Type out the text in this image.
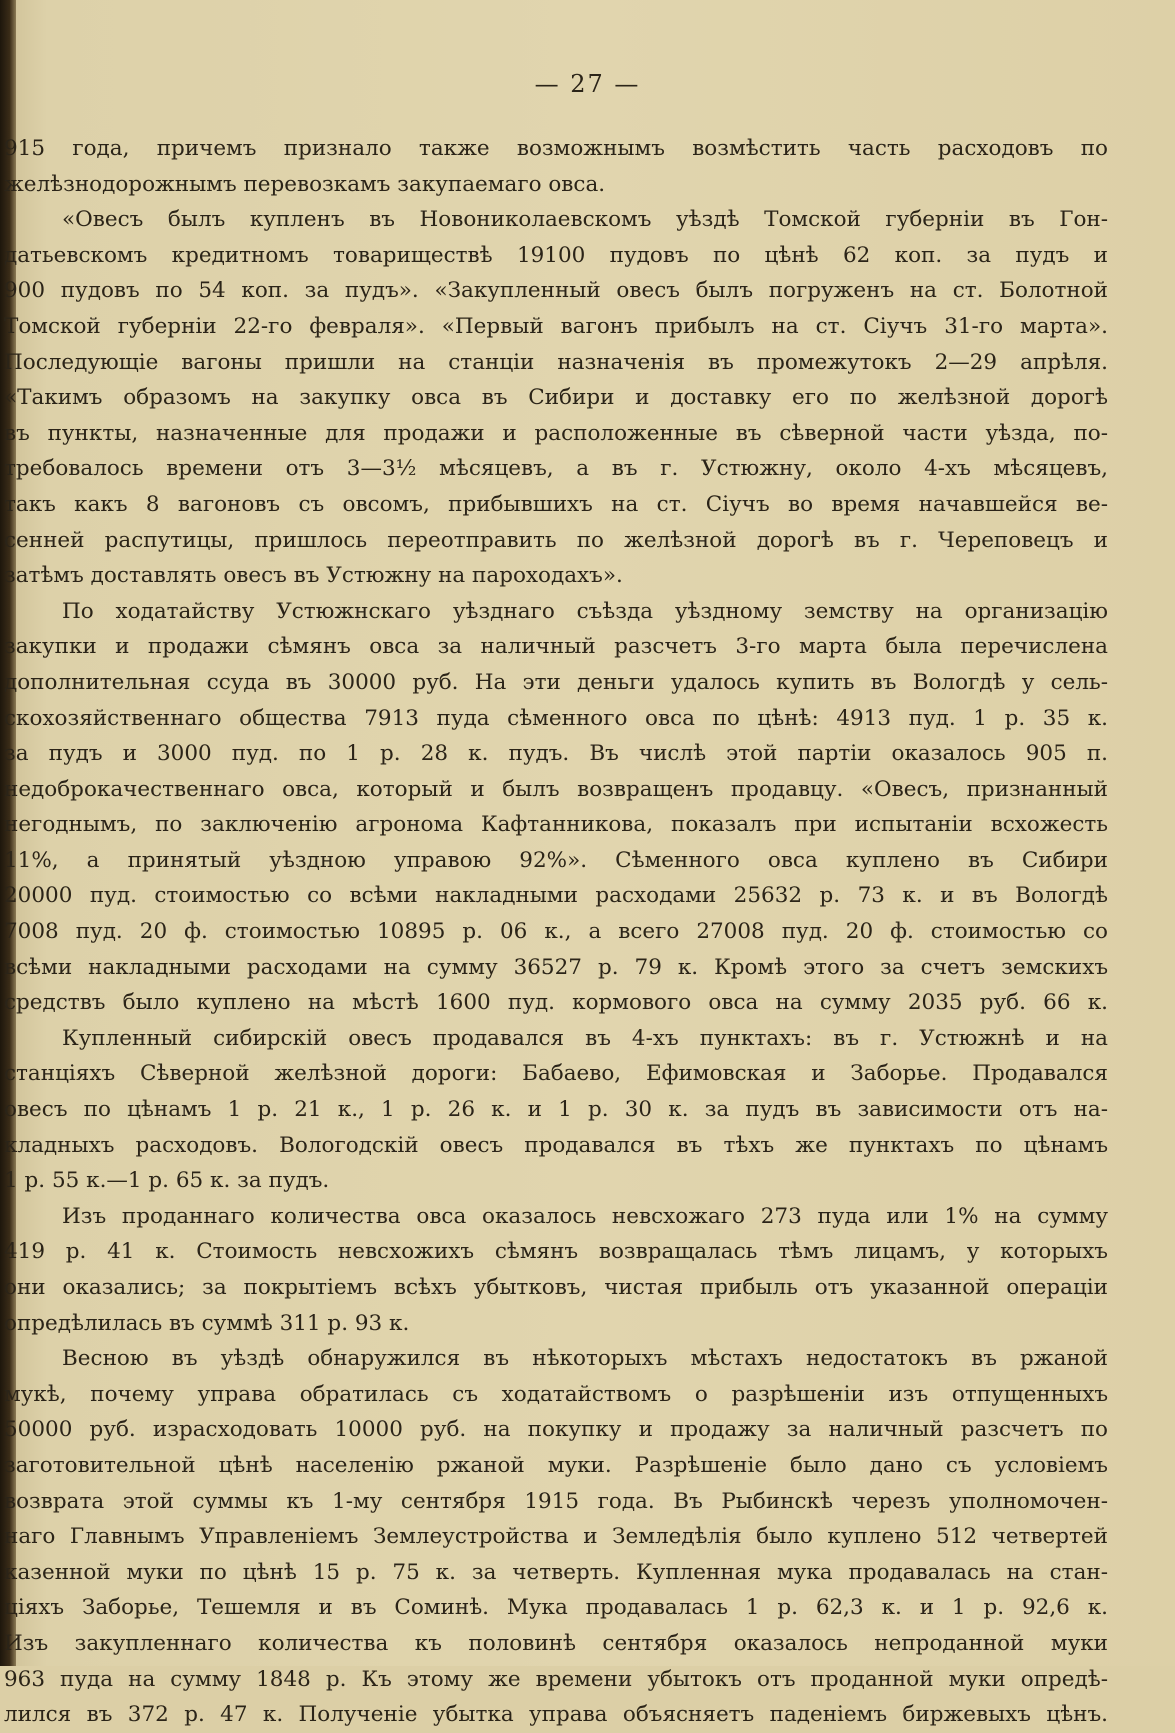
— 27 —
915 года, причемъ признало также возможнымъ возмѣстить часть расходовъ по
желѣзнодорожнымъ перевозкамъ закупаемаго овса.
«Овесъ былъ купленъ въ Новониколаевскомъ уѣздѣ Томской губерніи въ Гон-
датьевскомъ кредитномъ товариществѣ 19100 пудовъ по цѣнѣ 62 коп. за пудъ и
900 пудовъ по 54 коп. за пудъ». «Закупленный овесъ былъ погруженъ на ст. Болотной
Томской губерніи 22-го февраля». «Первый вагонъ прибылъ на ст. Сіучъ 31-го марта».
Последующіе вагоны пришли на станціи назначенія въ промежутокъ 2—29 апрѣля.
«Такимъ образомъ на закупку овса въ Сибири и доставку его по желѣзной дорогѣ
въ пункты, назначенные для продажи и расположенные въ сѣверной части уѣзда, по-
требовалось времени отъ 3—3½ мѣсяцевъ, а въ г. Устюжну, около 4-хъ мѣсяцевъ,
такъ какъ 8 вагоновъ съ овсомъ, прибывшихъ на ст. Сіучъ во время начавшейся ве-
сенней распутицы, пришлось переотправить по желѣзной дорогѣ въ г. Череповецъ и
затѣмъ доставлять овесъ въ Устюжну на пароходахъ».
По ходатайству Устюжнскаго уѣзднаго съѣзда уѣздному земству на организацію
закупки и продажи сѣмянъ овса за наличный разсчетъ 3-го марта была перечислена
дополнительная ссуда въ 30000 руб. На эти деньги удалось купить въ Вологдѣ у сель-
скохозяйственнаго общества 7913 пуда сѣменного овса по цѣнѣ: 4913 пуд. 1 р. 35 к.
за пудъ и 3000 пуд. по 1 р. 28 к. пудъ. Въ числѣ этой партіи оказалось 905 п.
недоброкачественнаго овса, который и былъ возвращенъ продавцу. «Овесъ, признанный
негоднымъ, по заключенію агронома Кафтанникова, показалъ при испытаніи всхожесть
11%, а принятый уѣздною управою 92%». Сѣменного овса куплено въ Сибири
20000 пуд. стоимостью со всѣми накладными расходами 25632 р. 73 к. и въ Вологдѣ
7008 пуд. 20 ф. стоимостью 10895 р. 06 к., а всего 27008 пуд. 20 ф. стоимостью со
всѣми накладными расходами на сумму 36527 р. 79 к. Кромѣ этого за счетъ земскихъ
средствъ было куплено на мѣстѣ 1600 пуд. кормового овса на сумму 2035 руб. 66 к.
Купленный сибирскій овесъ продавался въ 4-хъ пунктахъ: въ г. Устюжнѣ и на
станціяхъ Сѣверной желѣзной дороги: Бабаево, Ефимовская и Заборье. Продавался
овесъ по цѣнамъ 1 р. 21 к., 1 р. 26 к. и 1 р. 30 к. за пудъ въ зависимости отъ на-
кладныхъ расходовъ. Вологодскій овесъ продавался въ тѣхъ же пунктахъ по цѣнамъ
1 р. 55 к.—1 р. 65 к. за пудъ.
Изъ проданнаго количества овса оказалось невсхожаго 273 пуда или 1% на сумму
419 р. 41 к. Стоимость невсхожихъ сѣмянъ возвращалась тѣмъ лицамъ, у которыхъ
они оказались; за покрытіемъ всѣхъ убытковъ, чистая прибыль отъ указанной операціи
опредѣлилась въ суммѣ 311 р. 93 к.
Весною въ уѣздѣ обнаружился въ нѣкоторыхъ мѣстахъ недостатокъ въ ржаной
мукѣ, почему управа обратилась съ ходатайствомъ о разрѣшеніи изъ отпущенныхъ
50000 руб. израсходовать 10000 руб. на покупку и продажу за наличный разсчетъ по
заготовительной цѣнѣ населенію ржаной муки. Разрѣшеніе было дано съ условіемъ
возврата этой суммы къ 1-му сентября 1915 года. Въ Рыбинскѣ черезъ уполномочен-
наго Главнымъ Управленіемъ Землеустройства и Земледѣлія было куплено 512 четвертей
казенной муки по цѣнѣ 15 р. 75 к. за четверть. Купленная мука продавалась на стан-
ціяхъ Заборье, Тешемля и въ Соминѣ. Мука продавалась 1 р. 62,3 к. и 1 р. 92,6 к.
Изъ закупленнаго количества къ половинѣ сентября оказалось непроданной муки
963 пуда на сумму 1848 р. Къ этому же времени убытокъ отъ проданной муки опредѣ-
лился въ 372 р. 47 к. Полученіе убытка управа объясняетъ паденіемъ биржевыхъ цѣнъ.
